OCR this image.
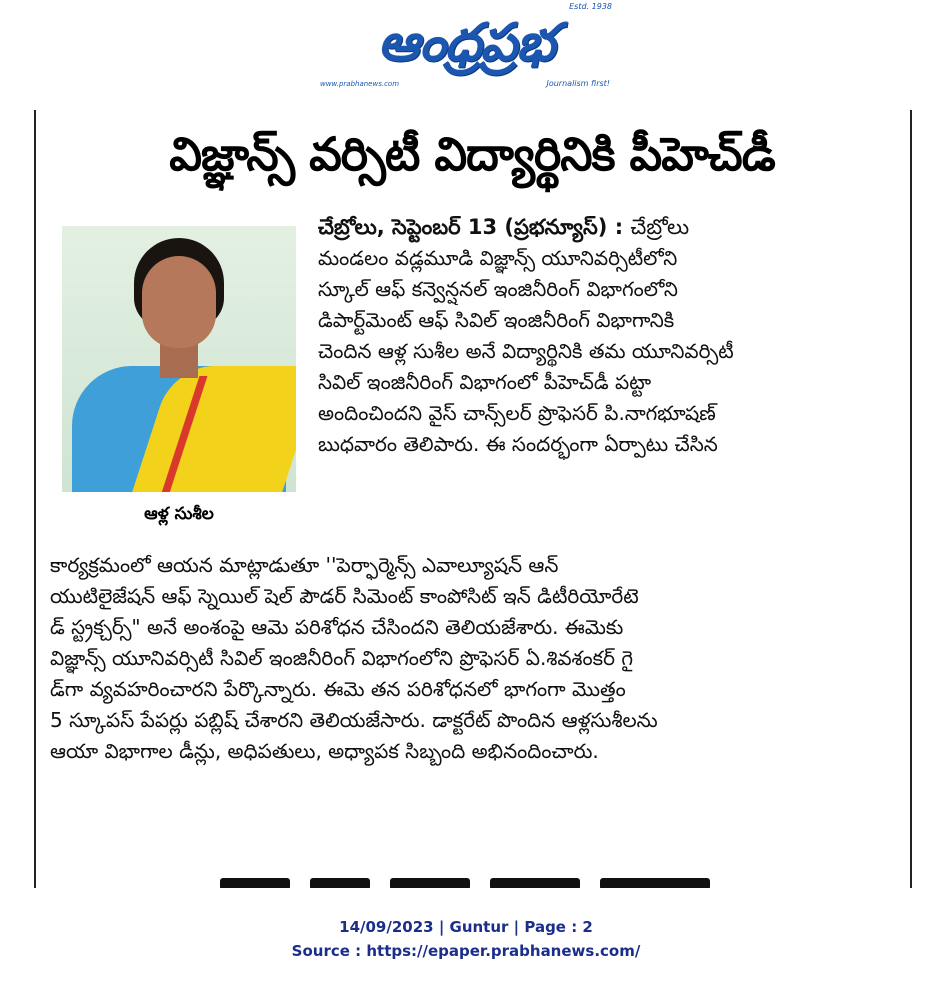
ఆంధ్రప్రభ
Estd. 1938
www.prabhanews.com	Journalism first!
విజ్ఞాన్స్ వర్సిటీ విద్యార్థినికి పీహెచ్‌డీ
ఆళ్ల సుశీల
చేబ్రోలు, సెప్టెంబర్ 13 (ప్రభన్యూస్) : చేబ్రోలు
మండలం వడ్లమూడి విజ్ఞాన్స్ యూనివర్సిటీలోని
స్కూల్ ఆఫ్ కన్వెన్షనల్ ఇంజినీరింగ్ విభాగంలోని
డిపార్ట్‌మెంట్ ఆఫ్ సివిల్ ఇంజినీరింగ్ విభాగానికి
చెందిన ఆళ్ల సుశీల అనే విద్యార్థినికి తమ యూనివర్సిటీ
సివిల్ ఇంజినీరింగ్ విభాగంలో పీహెచ్‌డీ పట్టా
అందించిందని వైస్ చాన్స్‌లర్ ప్రొఫెసర్ పి.నాగభూషణ్
బుధవారం తెలిపారు. ఈ సందర్భంగా ఏర్పాటు చేసిన
కార్యక్రమంలో ఆయన మాట్లాడుతూ ''పెర్ఫార్మెన్స్ ఎవాల్యూషన్ ఆన్
యుటిలైజేషన్ ఆఫ్ స్నెయిల్ షెల్ పౌడర్ సిమెంట్ కాంపోసిట్ ఇన్ డిటీరియోరేటె
డ్ స్ట్రక్చర్స్" అనే అంశంపై ఆమె పరిశోధన చేసిందని తెలియజేశారు. ఈమెకు
విజ్ఞాన్స్ యూనివర్సిటీ సివిల్ ఇంజినీరింగ్ విభాగంలోని ప్రొఫెసర్ ఏ.శివశంకర్ గై
డ్‌గా వ్యవహరించారని పేర్కొన్నారు. ఈమె తన పరిశోధనలో భాగంగా మొత్తం
5 స్కూపస్ పేపర్లు పబ్లిష్ చేశారని తెలియజేసారు. డాక్టరేట్ పొందిన ఆళ్లసుశీలను
ఆయా విభాగాల డీన్లు, అధిపతులు, అధ్యాపక సిబ్బంది అభినందించారు.
14/09/2023 | Guntur | Page : 2
Source : https://epaper.prabhanews.com/
